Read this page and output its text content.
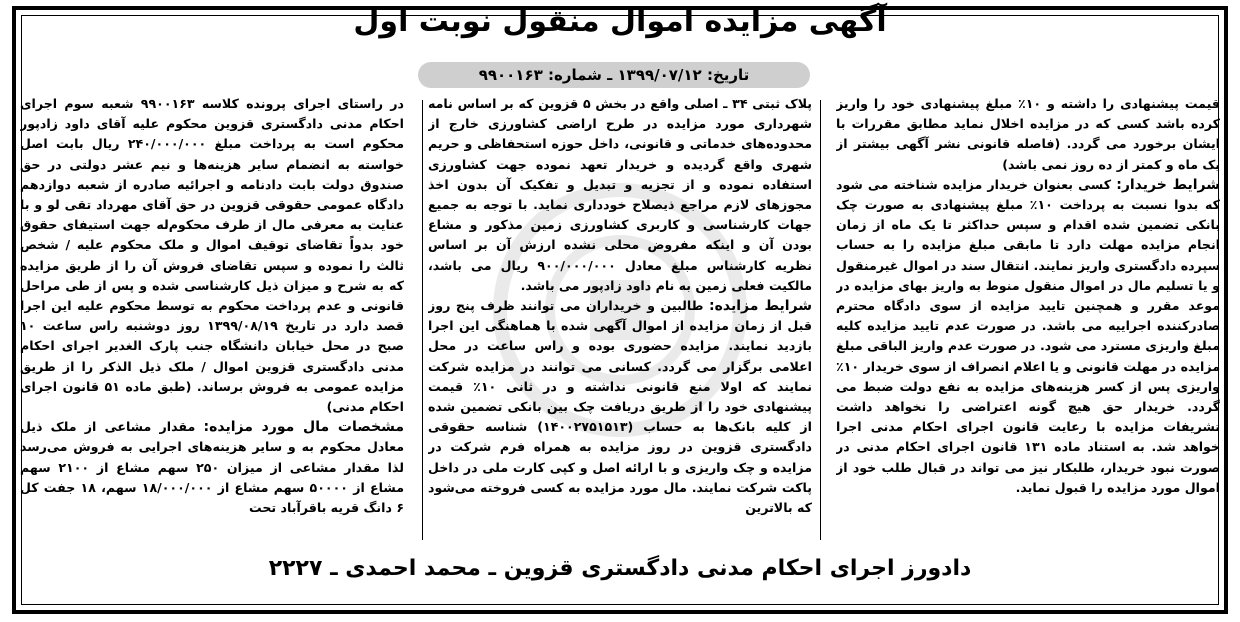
آگهی مزایده اموال منقول نوبت اول
تاریخ: ۱۳۹۹/۰۷/۱۲ ـ شماره: ۹۹۰۰۱۶۳

در راستای اجرای پرونده کلاسه ۹۹۰۰۱۶۳ شعبه سوم اجرای احکام مدنی دادگستری قزوین محکوم علیه آقای داود زادپور محکوم است به پرداخت مبلغ ۲۴۰/۰۰۰/۰۰۰ ریال بابت اصل خواسته به انضمام سایر هزینه‌ها و نیم عشر دولتی در حق صندوق دولت بابت دادنامه و اجرائیه صادره از شعبه دوازدهم دادگاه عمومی حقوقی قزوین در حق آقای مهرداد تقی لو و با عنایت به معرفی مال از طرف محکوم‌له جهت استیفای حقوق خود بدواً تقاضای توقیف اموال و ملک محکوم علیه / شخص ثالث را نموده و سپس تقاضای فروش آن را از طریق مزایده که به شرح و میزان ذیل کارشناسی شده و پس از طی مراحل قانونی و عدم پرداخت محکوم به توسط محکوم علیه این اجرا قصد دارد در تاریخ ۱۳۹۹/۰۸/۱۹ روز دوشنبه راس ساعت ۱۰ صبح در محل خیابان دانشگاه جنب پارک الغدیر اجرای احکام مدنی دادگستری قزوین اموال / ملک ذیل الذکر را از طریق مزایده عمومی به فروش برساند. (طبق ماده ۵۱ قانون اجرای احکام مدنی)

مشخصات مال مورد مزایده: مقدار مشاعی از ملک ذیل معادل محکوم به و سایر هزینه‌های اجرایی به فروش می‌رسد لذا مقدار مشاعی از میزان ۲۵۰ سهم مشاع از ۲۱۰۰ سهم مشاع از ۵۰۰۰۰ سهم مشاع از ۱۸/۰۰۰/۰۰۰ سهم، ۱۸ جفت کل ۶ دانگ قریه باقرآباد تحت

پلاک ثبتی ۳۴ ـ اصلی واقع در بخش ۵ قزوین که بر اساس نامه شهرداری مورد مزایده در طرح اراضی کشاورزی خارج از محدوده‌های خدماتی و قانونی، داخل حوزه استحفاظی و حریم شهری واقع گردیده و خریدار تعهد نموده جهت کشاورزی استفاده نموده و از تجزیه و تبدیل و تفکیک آن بدون اخذ مجوزهای لازم مراجع ذیصلاح خودداری نماید. با توجه به جمیع جهات کارشناسی و کاربری کشاورزی زمین مذکور و مشاع بودن آن و اینکه مفروض محلی نشده ارزش آن بر اساس نظریه کارشناس مبلغ معادل ۹۰۰/۰۰۰/۰۰۰ ریال می باشد، مالکیت فعلی زمین به نام داود زادپور می باشد.

شرایط مزایده: طالبین و خریداران می توانند ظرف پنج روز قبل از زمان مزایده از اموال آگهی شده با هماهنگی این اجرا بازدید نمایند. مزایده حضوری بوده و راس ساعت در محل اعلامی برگزار می گردد. کسانی می توانند در مزایده شرکت نمایند که اولا منع قانونی نداشته و در ثانی ۱۰٪ قیمت پیشنهادی خود را از طریق دریافت چک بین بانکی تضمین شده از کلیه بانک‌ها به حساب (۱۴۰۰۲۷۵۱۵۱۳) شناسه حقوقی دادگستری قزوین در روز مزایده به همراه فرم شرکت در مزایده و چک واریزی و با ارائه اصل و کپی کارت ملی در داخل پاکت شرکت نمایند. مال مورد مزایده به کسی فروخته می‌شود که بالاترین

قیمت پیشنهادی را داشته و ۱۰٪ مبلغ پیشنهادی خود را واریز کرده باشد کسی که در مزایده اخلال نماید مطابق مقررات با ایشان برخورد می گردد. (فاصله قانونی نشر آگهی بیشتر از یک ماه و کمتر از ده روز نمی باشد)

شرایط خریدار: کسی بعنوان خریدار مزایده شناخته می شود که بدوا نسبت به پرداخت ۱۰٪ مبلغ پیشنهادی به صورت چک بانکی تضمین شده اقدام و سپس حداکثر تا یک ماه از زمان انجام مزایده مهلت دارد تا مابقی مبلغ مزایده را به حساب سپرده دادگستری واریز نمایند. انتقال سند در اموال غیرمنقول و یا تسلیم مال در اموال منقول منوط به واریز بهای مزایده در موعد مقرر و همچنین تایید مزایده از سوی دادگاه محترم صادرکننده اجراییه می باشد. در صورت عدم تایید مزایده کلیه مبلغ واریزی مسترد می شود. در صورت عدم واریز الباقی مبلغ مزایده در مهلت قانونی و یا اعلام انصراف از سوی خریدار ۱۰٪ واریزی پس از کسر هزینه‌های مزایده به نفع دولت ضبط می گردد. خریدار حق هیچ گونه اعتراضی را نخواهد داشت تشریفات مزایده با رعایت قانون اجرای احکام مدنی اجرا خواهد شد. به استناد ماده ۱۳۱ قانون اجرای احکام مدنی در صورت نبود خریدار، طلبکار نیز می تواند در قبال طلب خود از اموال مورد مزایده را قبول نماید.

دادورز اجرای احکام مدنی دادگستری قزوین ـ محمد احمدی ـ ۲۲۲۷
